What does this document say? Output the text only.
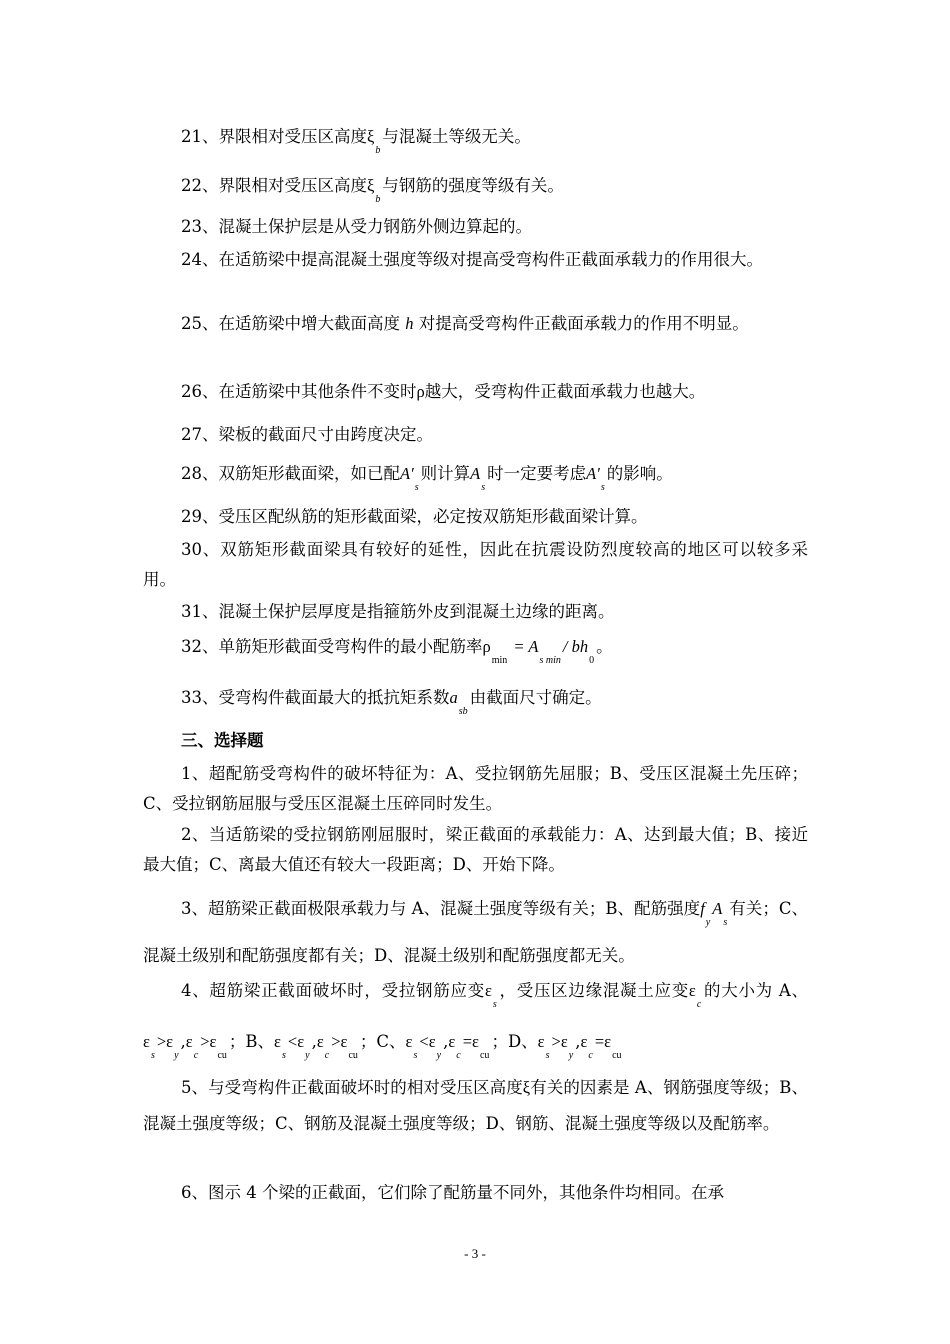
21、界限相对受压区高度$\xi_b$与混凝土等级无关。

22、界限相对受压区高度$\xi_b$与钢筋的强度等级有关。

23、混凝土保护层是从受力钢筋外侧边算起的。

24、在适筋梁中提高混凝土强度等级对提高受弯构件正截面承载力的作用很大。

25、在适筋梁中增大截面高度 h 对提高受弯构件正截面承载力的作用不明显。

26、在适筋梁中其他条件不变时ρ越大，受弯构件正截面承载力也越大。

27、梁板的截面尺寸由跨度决定。

28、双筋矩形截面梁，如已配$A'_s$则计算$A_s$时一定要考虑$A'_s$的影响。

29、受压区配纵筋的矩形截面梁，必定按双筋矩形截面梁计算。

30、双筋矩形截面梁具有较好的延性，因此在抗震设防烈度较高的地区可以较多采用。

31、混凝土保护层厚度是指箍筋外皮到混凝土边缘的距离。

32、单筋矩形截面受弯构件的最小配筋率$\rho_{min} = A_{s min}/$ $bh_0$。

33、受弯构件截面最大的抵抗矩系数$a_{sb}$由截面尺寸确定。

三、选择题

1、超配筋受弯构件的破坏特征为：A、受拉钢筋先屈服；B、受压区混凝土先压碎；C、受拉钢筋屈服与受压区混凝土压碎同时发生。

2、当适筋梁的受拉钢筋刚屈服时，梁正截面的承载能力：A、达到最大值；B、接近最大值；C、离最大值还有较大一段距离；D、开始下降。

3、超筋梁正截面极限承载力与 A、混凝土强度等级有关；B、配筋强度$f_yA_s$有关；C、混凝土级别和配筋强度都有关；D、混凝土级别和配筋强度都无关。

4、超筋梁正截面破坏时，受拉钢筋应变$\varepsilon_s$，受压区边缘混凝土应变$\varepsilon_c$的大小为 A、$\varepsilon_s>\varepsilon_y,\varepsilon_c>\varepsilon_{cu}$；B、$\varepsilon_s<\varepsilon_y,\varepsilon_c>\varepsilon_{cu}$；C、$\varepsilon_s<\varepsilon_y,\varepsilon_c=\varepsilon_{cu}$；D、$\varepsilon_s>\varepsilon_y,\varepsilon_c=\varepsilon_{cu}$

5、与受弯构件正截面破坏时的相对受压区高度ξ有关的因素是 A、钢筋强度等级；B、混凝土强度等级；C、钢筋及混凝土强度等级；D、钢筋、混凝土强度等级以及配筋率。

6、图示 4 个梁的正截面，它们除了配筋量不同外，其他条件均相同。在承

- 3 -
